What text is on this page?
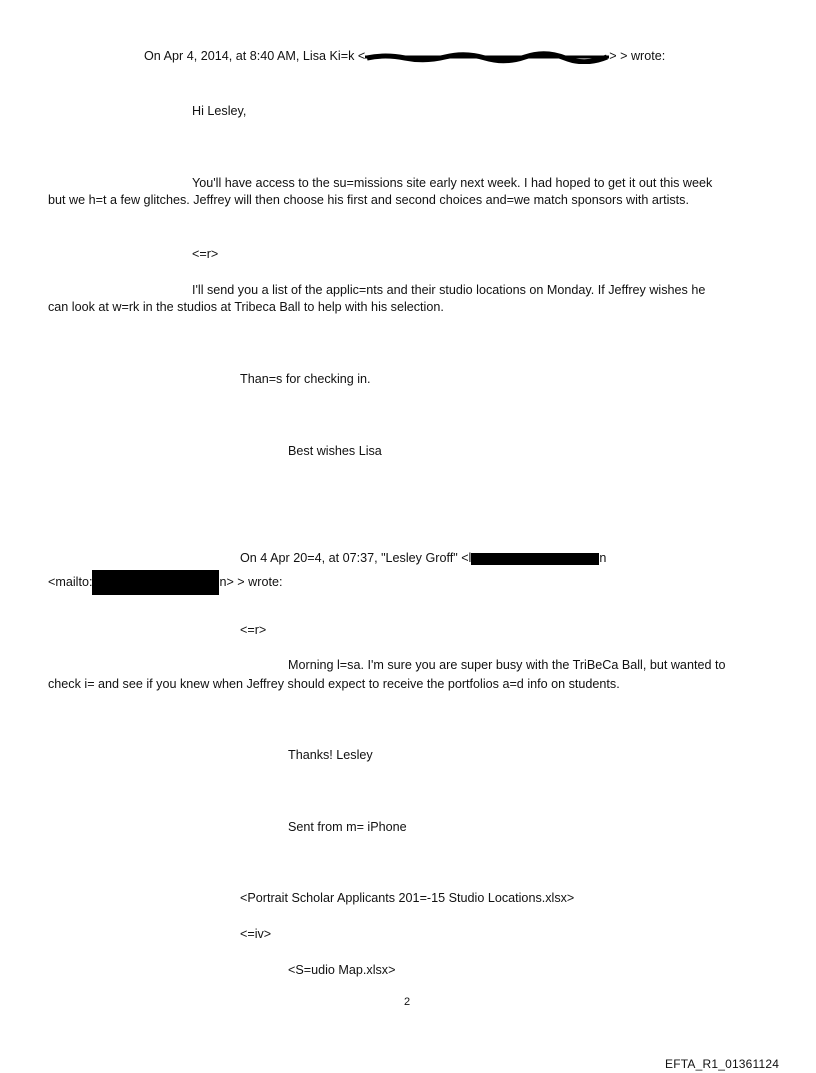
On Apr 4, 2014, at 8:40 AM, Lisa Ki=k <	> > wrote:
Hi Lesley,
You'll have access to the su=missions site early next week. I had hoped to get it out this week
but we h=t a few glitches. Jeffrey will then choose his first and second choices and=we match sponsors with artists.
<=r>
I'll send you a list of the applic=nts and their studio locations on Monday. If Jeffrey wishes he
can look at w=rk in the studios at Tribeca Ball to help with his selection.
Than=s for checking in.
Best wishes Lisa
On 4 Apr 20=4, at 07:37, "Lesley Groff" <l	n
<mailto:	n> > wrote:
<=r>
Morning l=sa. I'm sure you are super busy with the TriBeCa Ball, but wanted to
check i= and see if you knew when Jeffrey should expect to receive the portfolios a=d info on students.
Thanks! Lesley
Sent from m= iPhone
<Portrait Scholar Applicants 201=-15 Studio Locations.xlsx>
<=iv>
<S=udio Map.xlsx>
2
EFTA_R1_01361124
